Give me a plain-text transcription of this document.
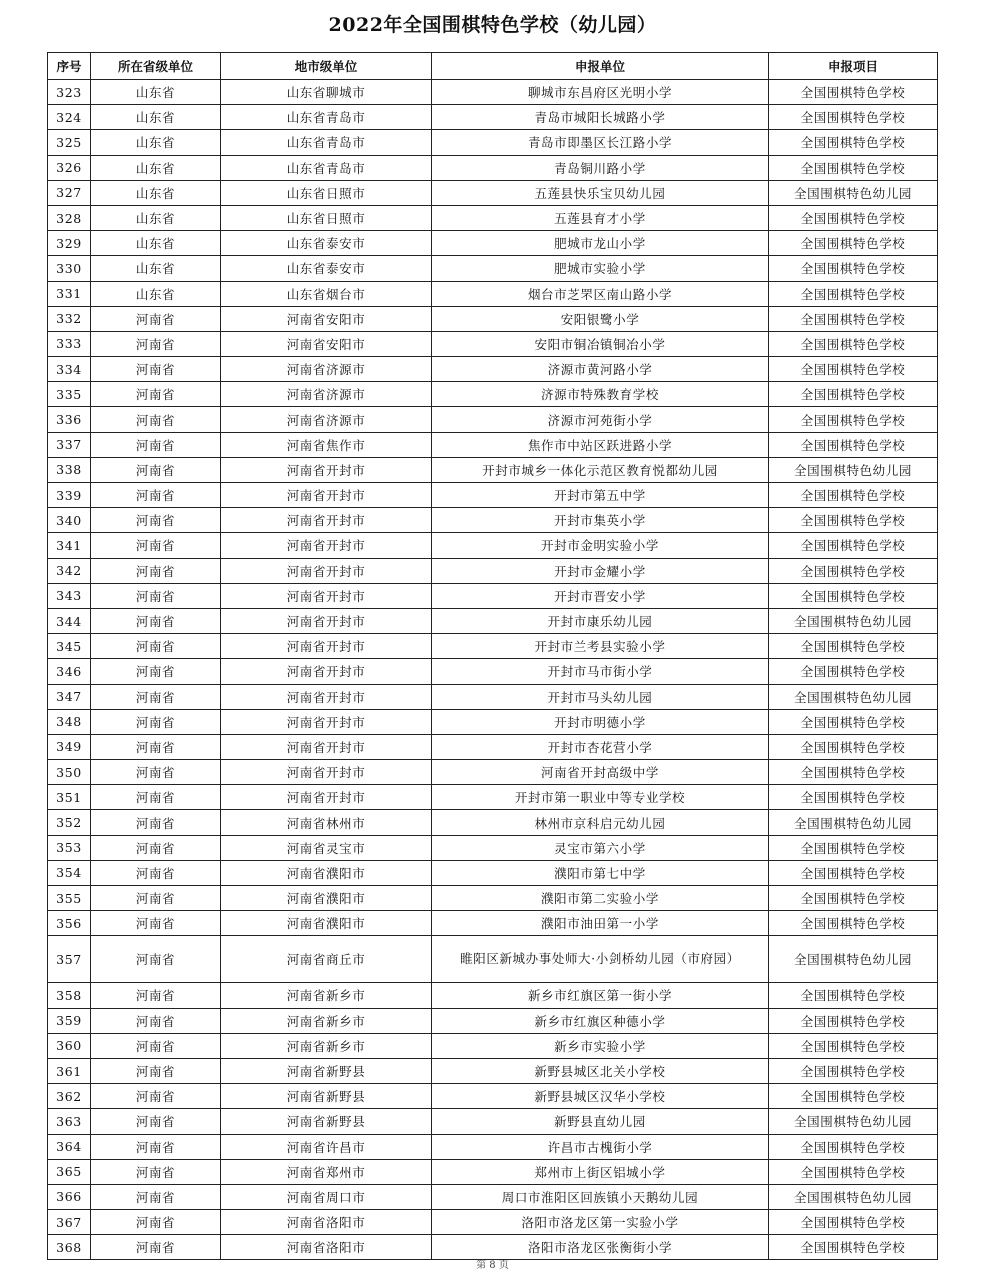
2022年全国围棋特色学校（幼儿园）
序号	所在省级单位	地市级单位	申报单位	申报项目
323	山东省	山东省聊城市	聊城市东昌府区光明小学	全国围棋特色学校
324	山东省	山东省青岛市	青岛市城阳长城路小学	全国围棋特色学校
325	山东省	山东省青岛市	青岛市即墨区长江路小学	全国围棋特色学校
326	山东省	山东省青岛市	青岛铜川路小学	全国围棋特色学校
327	山东省	山东省日照市	五莲县快乐宝贝幼儿园	全国围棋特色幼儿园
328	山东省	山东省日照市	五莲县育才小学	全国围棋特色学校
329	山东省	山东省泰安市	肥城市龙山小学	全国围棋特色学校
330	山东省	山东省泰安市	肥城市实验小学	全国围棋特色学校
331	山东省	山东省烟台市	烟台市芝罘区南山路小学	全国围棋特色学校
332	河南省	河南省安阳市	安阳银鹭小学	全国围棋特色学校
333	河南省	河南省安阳市	安阳市铜冶镇铜冶小学	全国围棋特色学校
334	河南省	河南省济源市	济源市黄河路小学	全国围棋特色学校
335	河南省	河南省济源市	济源市特殊教育学校	全国围棋特色学校
336	河南省	河南省济源市	济源市河苑街小学	全国围棋特色学校
337	河南省	河南省焦作市	焦作市中站区跃进路小学	全国围棋特色学校
338	河南省	河南省开封市	开封市城乡一体化示范区教育悦都幼儿园	全国围棋特色幼儿园
339	河南省	河南省开封市	开封市第五中学	全国围棋特色学校
340	河南省	河南省开封市	开封市集英小学	全国围棋特色学校
341	河南省	河南省开封市	开封市金明实验小学	全国围棋特色学校
342	河南省	河南省开封市	开封市金耀小学	全国围棋特色学校
343	河南省	河南省开封市	开封市晋安小学	全国围棋特色学校
344	河南省	河南省开封市	开封市康乐幼儿园	全国围棋特色幼儿园
345	河南省	河南省开封市	开封市兰考县实验小学	全国围棋特色学校
346	河南省	河南省开封市	开封市马市街小学	全国围棋特色学校
347	河南省	河南省开封市	开封市马头幼儿园	全国围棋特色幼儿园
348	河南省	河南省开封市	开封市明德小学	全国围棋特色学校
349	河南省	河南省开封市	开封市杏花营小学	全国围棋特色学校
350	河南省	河南省开封市	河南省开封高级中学	全国围棋特色学校
351	河南省	河南省开封市	开封市第一职业中等专业学校	全国围棋特色学校
352	河南省	河南省林州市	林州市京科启元幼儿园	全国围棋特色幼儿园
353	河南省	河南省灵宝市	灵宝市第六小学	全国围棋特色学校
354	河南省	河南省濮阳市	濮阳市第七中学	全国围棋特色学校
355	河南省	河南省濮阳市	濮阳市第二实验小学	全国围棋特色学校
356	河南省	河南省濮阳市	濮阳市油田第一小学	全国围棋特色学校
357	河南省	河南省商丘市	睢阳区新城办事处师大·小剑桥幼儿园（市府园）	全国围棋特色幼儿园
358	河南省	河南省新乡市	新乡市红旗区第一街小学	全国围棋特色学校
359	河南省	河南省新乡市	新乡市红旗区种德小学	全国围棋特色学校
360	河南省	河南省新乡市	新乡市实验小学	全国围棋特色学校
361	河南省	河南省新野县	新野县城区北关小学校	全国围棋特色学校
362	河南省	河南省新野县	新野县城区汉华小学校	全国围棋特色学校
363	河南省	河南省新野县	新野县直幼儿园	全国围棋特色幼儿园
364	河南省	河南省许昌市	许昌市古槐街小学	全国围棋特色学校
365	河南省	河南省郑州市	郑州市上街区铝城小学	全国围棋特色学校
366	河南省	河南省周口市	周口市淮阳区回族镇小天鹅幼儿园	全国围棋特色幼儿园
367	河南省	河南省洛阳市	洛阳市洛龙区第一实验小学	全国围棋特色学校
368	河南省	河南省洛阳市	洛阳市洛龙区张衡街小学	全国围棋特色学校
第 8 页
